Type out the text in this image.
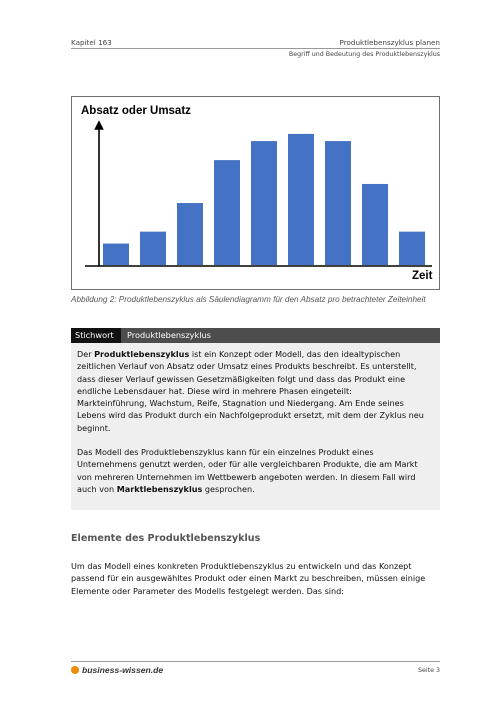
Kapitel 163	Produktlebenszyklus planen
Begriff und Bedeutung des Produktlebenszyklus
Absatz oder Umsatz
Zeit
Abbildung 2: Produktlebenszyklus als Säulendiagramm für den Absatz pro betrachteter Zeiteinheit
Stichwort	Produktlebenszyklus

Der Produktlebenszyklus ist ein Konzept oder Modell, das den idealtypischen zeitlichen Verlauf von Absatz oder Umsatz eines Produkts beschreibt. Es unterstellt, dass dieser Verlauf gewissen Gesetzmäßigkeiten folgt und dass das Produkt eine endliche Lebensdauer hat. Diese wird in mehrere Phasen eingeteilt:
Markteinführung, Wachstum, Reife, Stagnation und Niedergang. Am Ende seines Lebens wird das Produkt durch ein Nachfolgeprodukt ersetzt, mit dem der Zyklus neu beginnt.

Das Modell des Produktlebenszyklus kann für ein einzelnes Produkt eines Unternehmens genutzt werden, oder für alle vergleichbaren Produkte, die am Markt von mehreren Unternehmen im Wettbewerb angeboten werden. In diesem Fall wird auch von Marktlebenszyklus gesprochen.

Elemente des Produktlebenszyklus
Um das Modell eines konkreten Produktlebenszyklus zu entwickeln und das Konzept passend für ein ausgewähltes Produkt oder einen Markt zu beschreiben, müssen einige Elemente oder Parameter des Modells festgelegt werden. Das sind:
business-wissen.de	Seite 3
